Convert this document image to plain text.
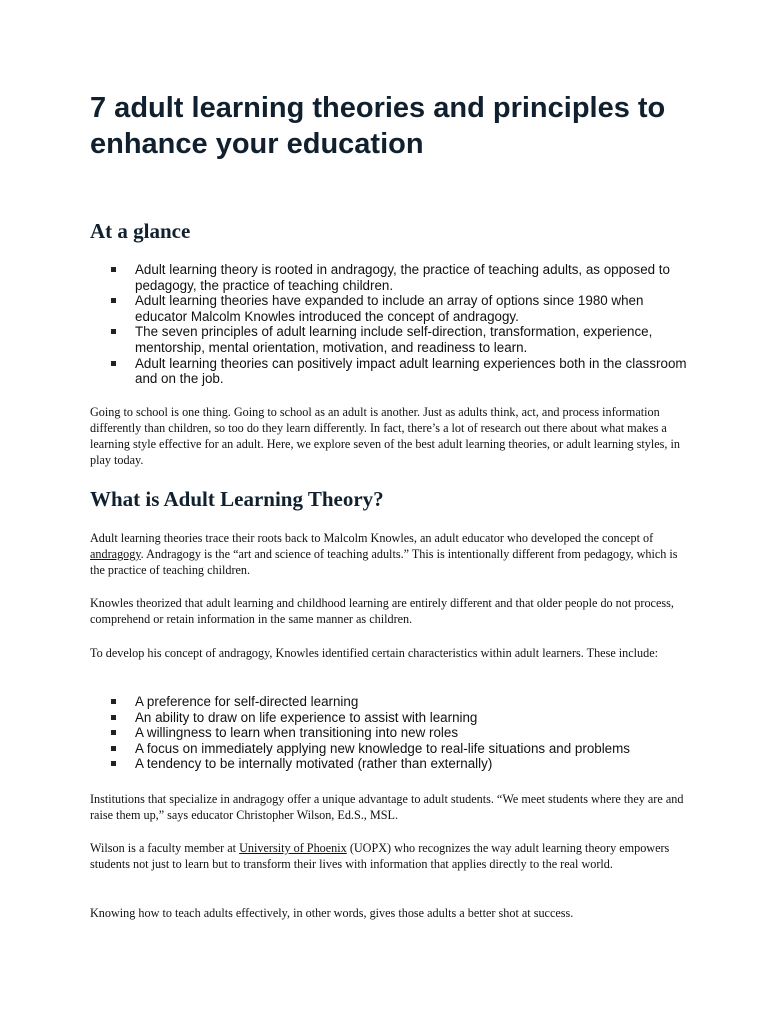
7 adult learning theories and principles to enhance your education
At a glance
Adult learning theory is rooted in andragogy, the practice of teaching adults, as opposed to pedagogy, the practice of teaching children.
Adult learning theories have expanded to include an array of options since 1980 when educator Malcolm Knowles introduced the concept of andragogy.
The seven principles of adult learning include self-direction, transformation, experience, mentorship, mental orientation, motivation, and readiness to learn.
Adult learning theories can positively impact adult learning experiences both in the classroom and on the job.

Going to school is one thing. Going to school as an adult is another. Just as adults think, act, and process information differently than children, so too do they learn differently. In fact, there’s a lot of research out there about what makes a learning style effective for an adult. Here, we explore seven of the best adult learning theories, or adult learning styles, in play today.

What is Adult Learning Theory?

Adult learning theories trace their roots back to Malcolm Knowles, an adult educator who developed the concept of andragogy. Andragogy is the “art and science of teaching adults.” This is intentionally different from pedagogy, which is the practice of teaching children.

Knowles theorized that adult learning and childhood learning are entirely different and that older people do not process, comprehend or retain information in the same manner as children.

To develop his concept of andragogy, Knowles identified certain characteristics within adult learners. These include:

A preference for self-directed learning
An ability to draw on life experience to assist with learning
A willingness to learn when transitioning into new roles
A focus on immediately applying new knowledge to real-life situations and problems
A tendency to be internally motivated (rather than externally)

Institutions that specialize in andragogy offer a unique advantage to adult students. “We meet students where they are and raise them up,” says educator Christopher Wilson, Ed.S., MSL.

Wilson is a faculty member at University of Phoenix (UOPX) who recognizes the way adult learning theory empowers students not just to learn but to transform their lives with information that applies directly to the real world.

Knowing how to teach adults effectively, in other words, gives those adults a better shot at success.
